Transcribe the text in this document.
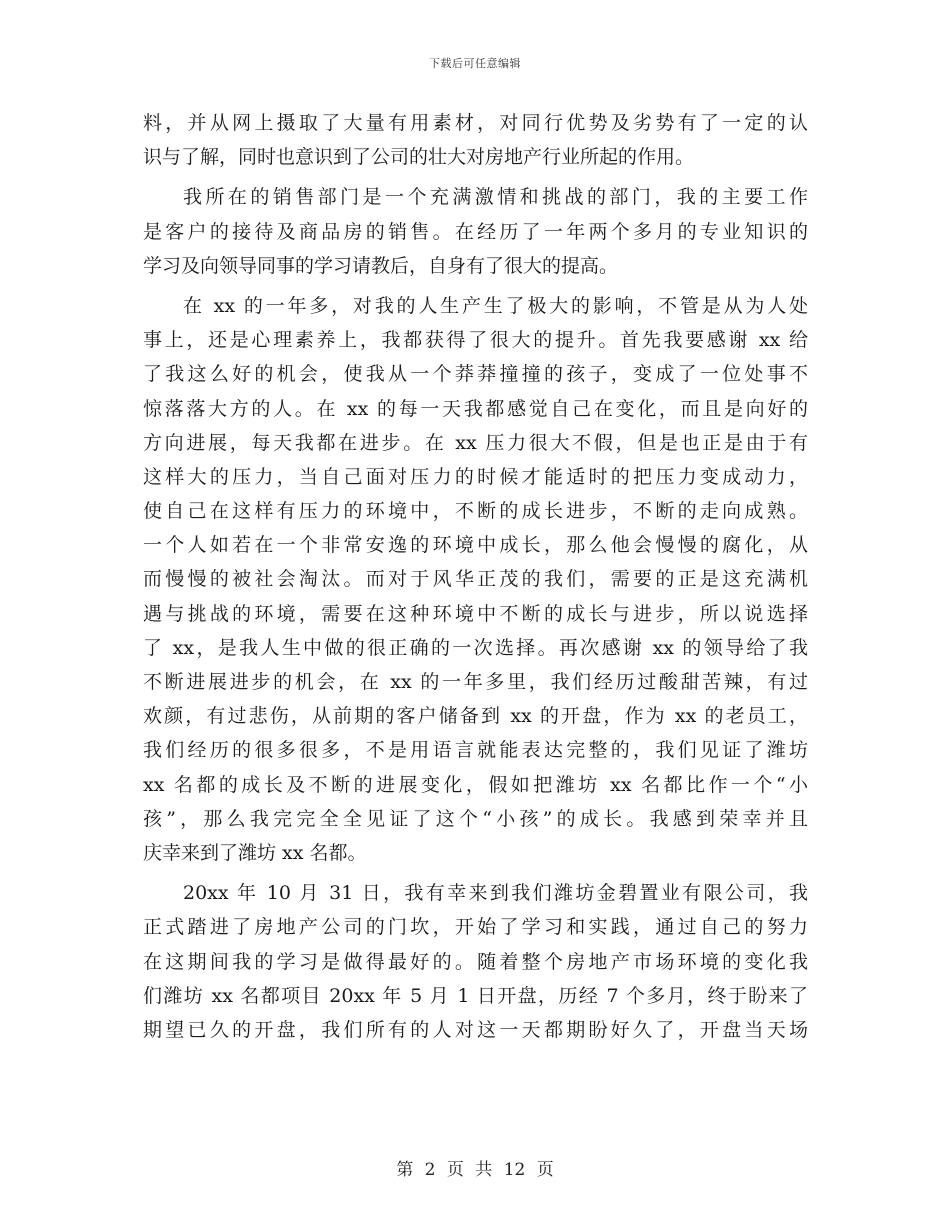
下载后可任意编辑
料，并从网上摄取了大量有用素材，对同行优势及劣势有了一定的认
识与了解，同时也意识到了公司的壮大对房地产行业所起的作用。
我所在的销售部门是一个充满激情和挑战的部门，我的主要工作
是客户的接待及商品房的销售。在经历了一年两个多月的专业知识的
学习及向领导同事的学习请教后，自身有了很大的提高。
在 xx 的一年多，对我的人生产生了极大的影响，不管是从为人处
事上，还是心理素养上，我都获得了很大的提升。首先我要感谢 xx 给
了我这么好的机会，使我从一个莽莽撞撞的孩子，变成了一位处事不
惊落落大方的人。在 xx 的每一天我都感觉自己在变化，而且是向好的
方向进展，每天我都在进步。在 xx 压力很大不假，但是也正是由于有
这样大的压力，当自己面对压力的时候才能适时的把压力变成动力，
使自己在这样有压力的环境中，不断的成长进步，不断的走向成熟。
一个人如若在一个非常安逸的环境中成长，那么他会慢慢的腐化，从
而慢慢的被社会淘汰。而对于风华正茂的我们，需要的正是这充满机
遇与挑战的环境，需要在这种环境中不断的成长与进步，所以说选择
了 xx，是我人生中做的很正确的一次选择。再次感谢 xx 的领导给了我
不断进展进步的机会，在 xx 的一年多里，我们经历过酸甜苦辣，有过
欢颜，有过悲伤，从前期的客户储备到 xx 的开盘，作为 xx 的老员工，
我们经历的很多很多，不是用语言就能表达完整的，我们见证了潍坊
xx 名都的成长及不断的进展变化，假如把潍坊 xx 名都比作一个“小
孩”，那么我完完全全见证了这个“小孩”的成长。我感到荣幸并且
庆幸来到了潍坊 xx 名都。
20xx 年 10 月 31 日，我有幸来到我们潍坊金碧置业有限公司，我
正式踏进了房地产公司的门坎，开始了学习和实践，通过自己的努力
在这期间我的学习是做得最好的。随着整个房地产市场环境的变化我
们潍坊 xx 名都项目 20xx 年 5 月 1 日开盘，历经 7 个多月，终于盼来了
期望已久的开盘，我们所有的人对这一天都期盼好久了，开盘当天场
第 2 页 共 12 页
